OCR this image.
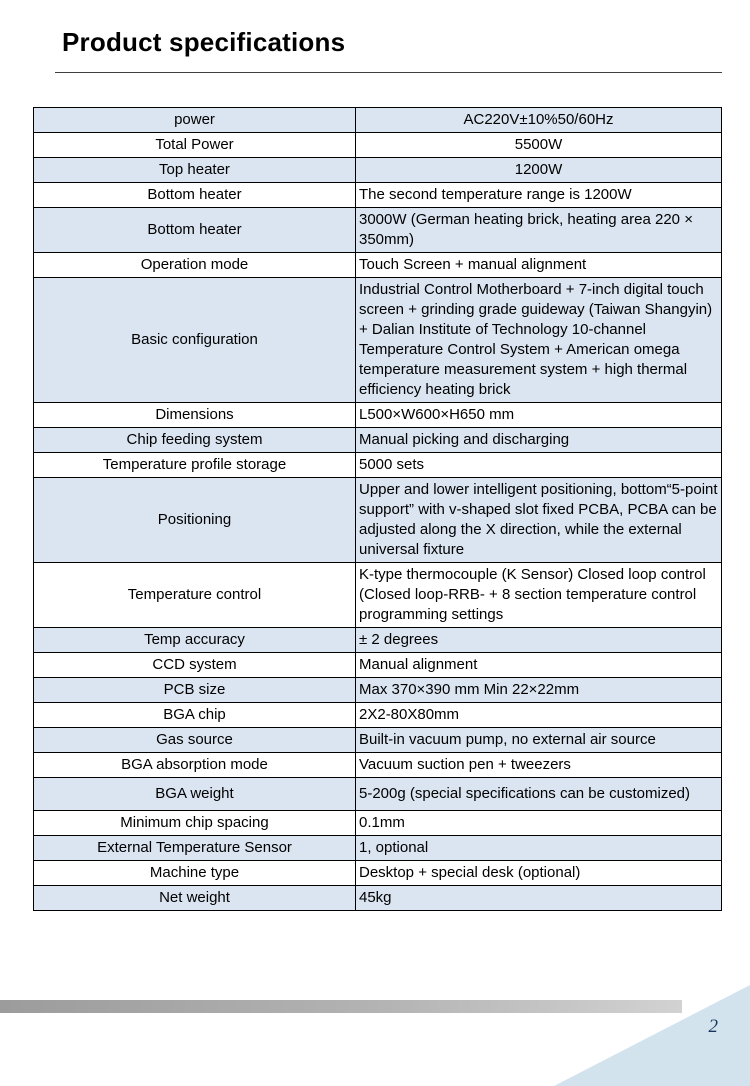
Product specifications
power	AC220V±10%50/60Hz
Total Power	5500W
Top heater	1200W
Bottom heater	The second temperature range is 1200W
Bottom heater	3000W (German heating brick, heating area 220 × 350mm)
Operation mode	Touch Screen + manual alignment
Basic configuration	Industrial Control Motherboard + 7-inch digital touch screen + grinding grade guideway (Taiwan Shangyin) + Dalian Institute of Technology 10-channel Temperature Control System + American omega temperature measurement system + high thermal efficiency heating brick
Dimensions	L500×W600×H650 mm
Chip feeding system	Manual picking and discharging
Temperature profile storage	5000 sets
Positioning	Upper and lower intelligent positioning, bottom“5-point support” with v-shaped slot fixed PCBA, PCBA can be adjusted along the X direction, while the external universal fixture
Temperature control	K-type thermocouple (K Sensor) Closed loop control (Closed loop-RRB- + 8 section temperature control programming settings
Temp accuracy	± 2 degrees
CCD system	Manual alignment
PCB size	Max 370×390 mm Min 22×22mm
BGA chip	2X2-80X80mm
Gas source	Built-in vacuum pump, no external air source
BGA absorption mode	Vacuum suction pen + tweezers
BGA weight	5-200g (special specifications can be customized)
Minimum chip spacing	0.1mm
External Temperature Sensor	1, optional
Machine type	Desktop + special desk (optional)
Net weight	45kg
2
